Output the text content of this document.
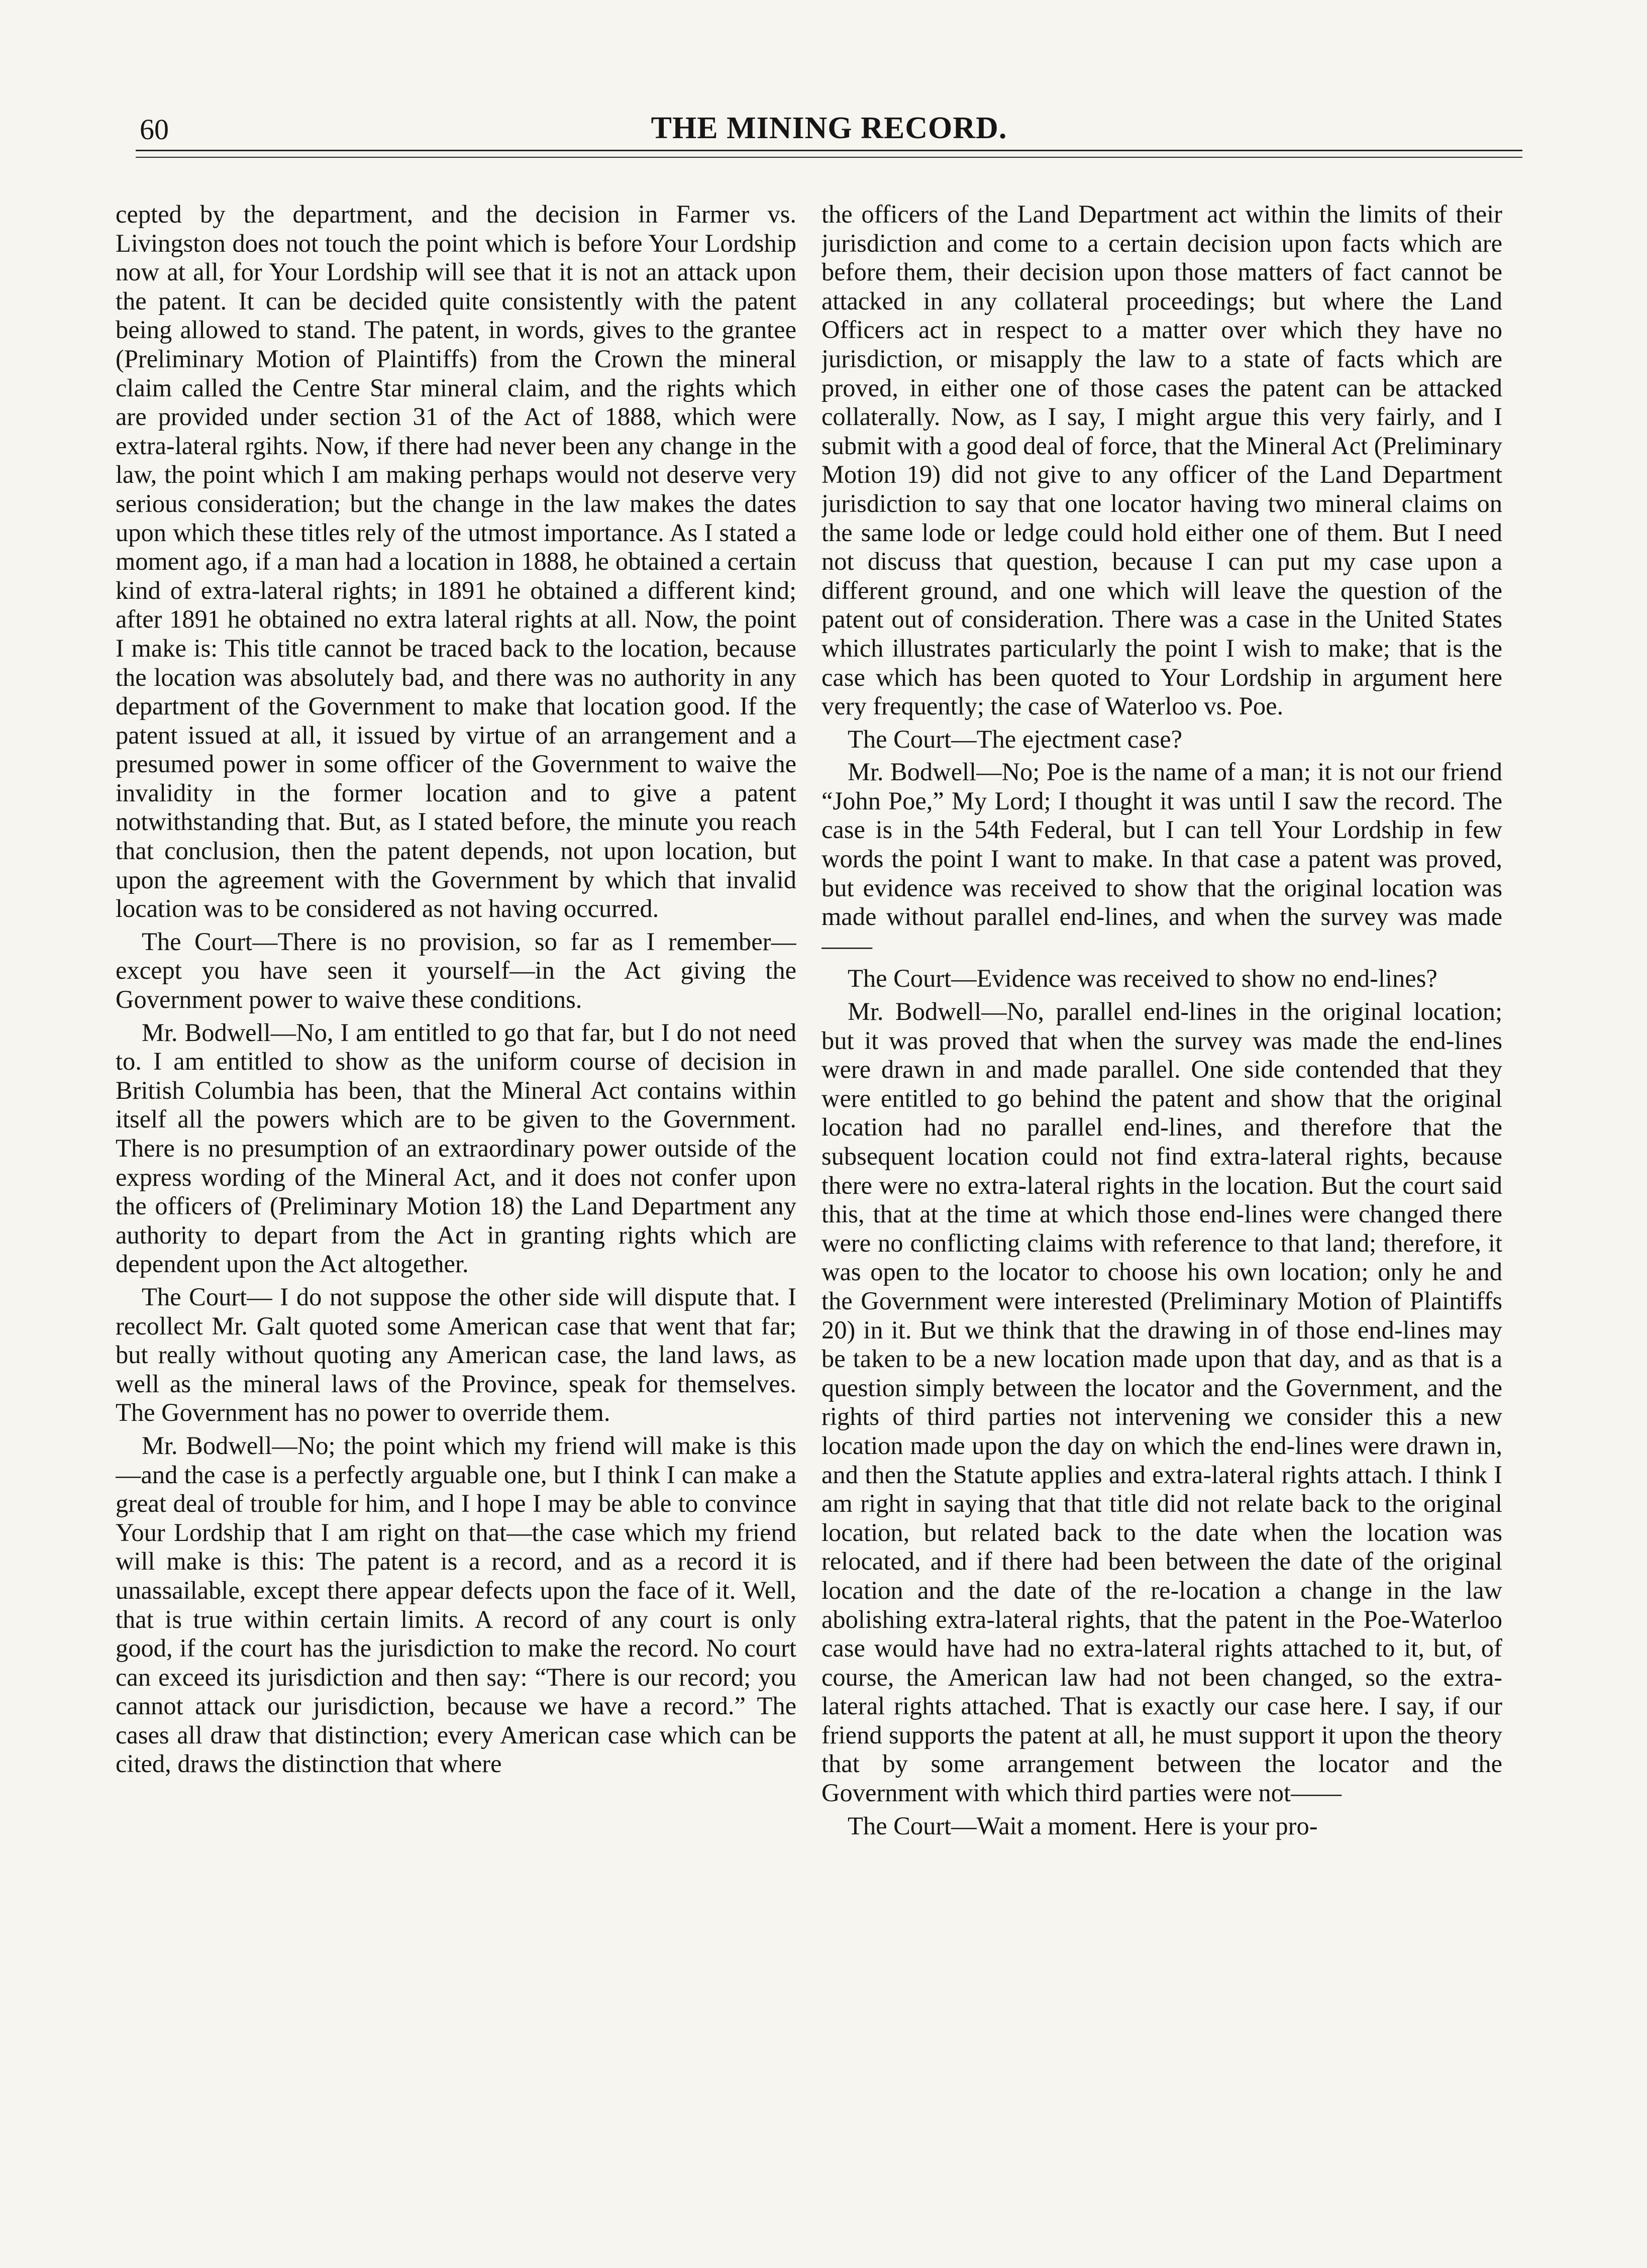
60	THE MINING RECORD.

cepted by the department, and the decision in Farmer vs. Livingston does not touch the point which is before Your Lordship now at all, for Your Lordship will see that it is not an attack upon the patent. It can be decided quite consistently with the patent being allowed to stand. The patent, in words, gives to the grantee (Preliminary Motion of Plaintiffs) from the Crown the mineral claim called the Centre Star mineral claim, and the rights which are provided under section 31 of the Act of 1888, which were extra-lateral rgihts. Now, if there had never been any change in the law, the point which I am making perhaps would not deserve very serious consideration; but the change in the law makes the dates upon which these titles rely of the utmost importance. As I stated a moment ago, if a man had a location in 1888, he obtained a certain kind of extra-lateral rights; in 1891 he obtained a different kind; after 1891 he obtained no extra lateral rights at all. Now, the point I make is: This title cannot be traced back to the location, because the location was absolutely bad, and there was no authority in any department of the Government to make that location good. If the patent issued at all, it issued by virtue of an arrangement and a presumed power in some officer of the Government to waive the invalidity in the former location and to give a patent notwithstanding that. But, as I stated before, the minute you reach that conclusion, then the patent depends, not upon location, but upon the agreement with the Government by which that invalid location was to be considered as not having occurred.

The Court—There is no provision, so far as I remember—except you have seen it yourself—in the Act giving the Government power to waive these conditions.

Mr. Bodwell—No, I am entitled to go that far, but I do not need to. I am entitled to show as the uniform course of decision in British Columbia has been, that the Mineral Act contains within itself all the powers which are to be given to the Government. There is no presumption of an extraordinary power outside of the express wording of the Mineral Act, and it does not confer upon the officers of (Preliminary Motion 18) the Land Department any authority to depart from the Act in granting rights which are dependent upon the Act altogether.

The Court— I do not suppose the other side will dispute that. I recollect Mr. Galt quoted some American case that went that far; but really without quoting any American case, the land laws, as well as the mineral laws of the Province, speak for themselves. The Government has no power to override them.

Mr. Bodwell—No; the point which my friend will make is this—and the case is a perfectly arguable one, but I think I can make a great deal of trouble for him, and I hope I may be able to convince Your Lordship that I am right on that—the case which my friend will make is this: The patent is a record, and as a record it is unassailable, except there appear defects upon the face of it. Well, that is true within certain limits. A record of any court is only good, if the court has the jurisdiction to make the record. No court can exceed its jurisdiction and then say: “There is our record; you cannot attack our jurisdiction, because we have a record.” The cases all draw that distinction; every American case which can be cited, draws the distinction that where

the officers of the Land Department act within the limits of their jurisdiction and come to a certain decision upon facts which are before them, their decision upon those matters of fact cannot be attacked in any collateral proceedings; but where the Land Officers act in respect to a matter over which they have no jurisdiction, or misapply the law to a state of facts which are proved, in either one of those cases the patent can be attacked collaterally. Now, as I say, I might argue this very fairly, and I submit with a good deal of force, that the Mineral Act (Preliminary Motion 19) did not give to any officer of the Land Department jurisdiction to say that one locator having two mineral claims on the same lode or ledge could hold either one of them. But I need not discuss that question, because I can put my case upon a different ground, and one which will leave the question of the patent out of consideration. There was a case in the United States which illustrates particularly the point I wish to make; that is the case which has been quoted to Your Lordship in argument here very frequently; the case of Waterloo vs. Poe.

The Court—The ejectment case?

Mr. Bodwell—No; Poe is the name of a man; it is not our friend “John Poe,” My Lord; I thought it was until I saw the record. The case is in the 54th Federal, but I can tell Your Lordship in few words the point I want to make. In that case a patent was proved, but evidence was received to show that the original location was made without parallel end-lines, and when the survey was made——

The Court—Evidence was received to show no end-lines?

Mr. Bodwell—No, parallel end-lines in the original location; but it was proved that when the survey was made the end-lines were drawn in and made parallel. One side contended that they were entitled to go behind the patent and show that the original location had no parallel end-lines, and therefore that the subsequent location could not find extra-lateral rights, because there were no extra-lateral rights in the location. But the court said this, that at the time at which those end-lines were changed there were no conflicting claims with reference to that land; therefore, it was open to the locator to choose his own location; only he and the Government were interested (Preliminary Motion of Plaintiffs 20) in it. But we think that the drawing in of those end-lines may be taken to be a new location made upon that day, and as that is a question simply between the locator and the Government, and the rights of third parties not intervening we consider this a new location made upon the day on which the end-lines were drawn in, and then the Statute applies and extra-lateral rights attach. I think I am right in saying that that title did not relate back to the original location, but related back to the date when the location was relocated, and if there had been between the date of the original location and the date of the re-location a change in the law abolishing extra-lateral rights, that the patent in the Poe-Waterloo case would have had no extra-lateral rights attached to it, but, of course, the American law had not been changed, so the extra-lateral rights attached. That is exactly our case here. I say, if our friend supports the patent at all, he must support it upon the theory that by some arrangement between the locator and the Government with which third parties were not——

The Court—Wait a moment. Here is your pro-
